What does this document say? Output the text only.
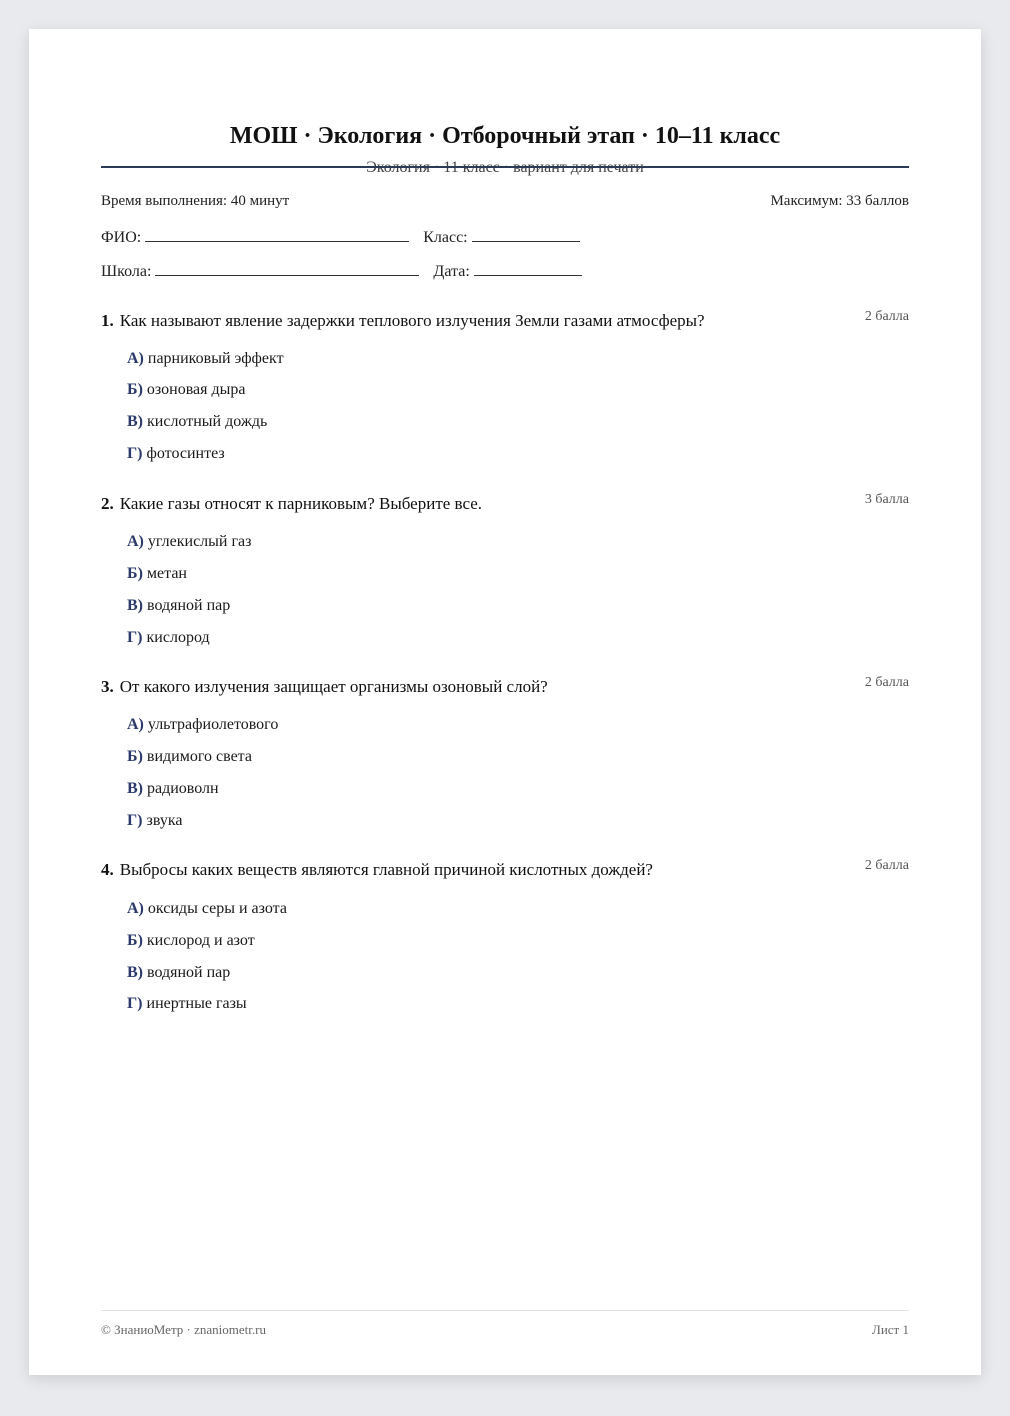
МОШ · Экология · Отборочный этап · 10–11 класс
Время выполнения: 40 минут	Максимум: 33 баллов
ФИО:	Класс:
Школа:	Дата:
1. Как называют явление задержки теплового излучения Земли газами атмосферы?	2 балла
А) парниковый эффект
Б) озоновая дыра
В) кислотный дождь
Г) фотосинтез
2. Какие газы относят к парниковым? Выберите все.	3 балла
А) углекислый газ
Б) метан
В) водяной пар
Г) кислород
3. От какого излучения защищает организмы озоновый слой?	2 балла
А) ультрафиолетового
Б) видимого света
В) радиоволн
Г) звука
4. Выбросы каких веществ являются главной причиной кислотных дождей?	2 балла
А) оксиды серы и азота
Б) кислород и азот
В) водяной пар
Г) инертные газы
© ЗнаниоМетр · znaniometr.ru	Лист 1
